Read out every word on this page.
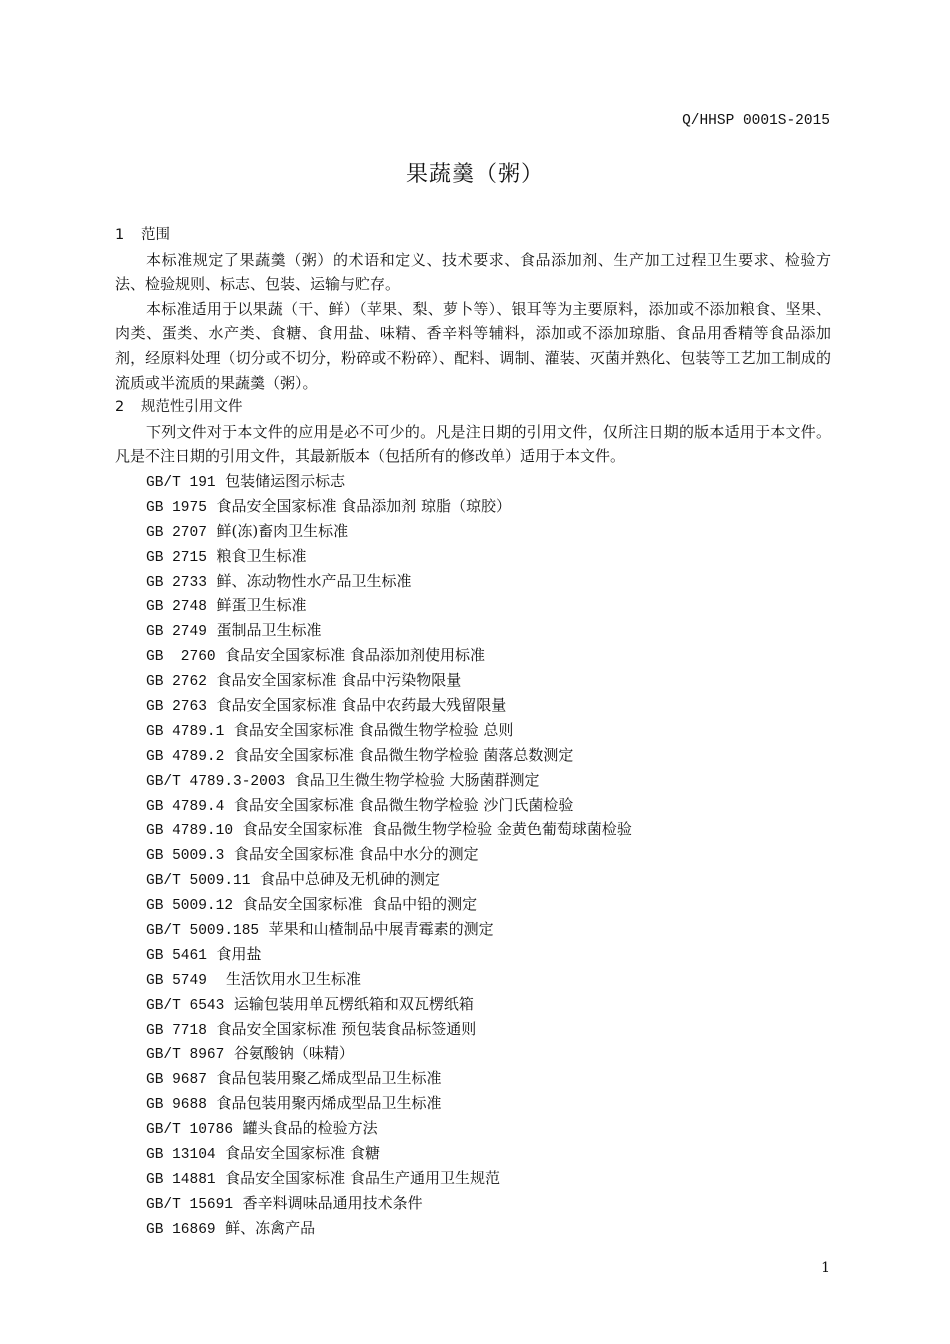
Q/HHSP 0001S-2015
果蔬羹（粥）
1 范围
本标准规定了果蔬羹（粥）的术语和定义、技术要求、食品添加剂、生产加工过程卫生要求、检验方法、检验规则、标志、包装、运输与贮存。
本标准适用于以果蔬（干、鲜）（苹果、梨、萝卜等）、银耳等为主要原料，添加或不添加粮食、坚果、肉类、蛋类、水产类、食糖、食用盐、味精、香辛料等辅料，添加或不添加琼脂、食品用香精等食品添加剂，经原料处理（切分或不切分，粉碎或不粉碎）、配料、调制、灌装、灭菌并熟化、包装等工艺加工制成的流质或半流质的果蔬羹（粥）。
2 规范性引用文件
下列文件对于本文件的应用是必不可少的。凡是注日期的引用文件，仅所注日期的版本适用于本文件。凡是不注日期的引用文件，其最新版本（包括所有的修改单）适用于本文件。
GB/T 191 包装储运图示标志
GB 1975 食品安全国家标准 食品添加剂 琼脂（琼胶）
GB 2707 鲜(冻)畜肉卫生标准
GB 2715 粮食卫生标准
GB 2733 鲜、冻动物性水产品卫生标准
GB 2748 鲜蛋卫生标准
GB 2749 蛋制品卫生标准
GB  2760 食品安全国家标准 食品添加剂使用标准
GB 2762 食品安全国家标准 食品中污染物限量
GB 2763 食品安全国家标准 食品中农药最大残留限量
GB 4789.1 食品安全国家标准 食品微生物学检验 总则
GB 4789.2 食品安全国家标准 食品微生物学检验 菌落总数测定
GB/T 4789.3-2003 食品卫生微生物学检验 大肠菌群测定
GB 4789.4 食品安全国家标准 食品微生物学检验 沙门氏菌检验
GB 4789.10 食品安全国家标准  食品微生物学检验 金黄色葡萄球菌检验
GB 5009.3 食品安全国家标准 食品中水分的测定
GB/T 5009.11 食品中总砷及无机砷的测定
GB 5009.12 食品安全国家标准  食品中铅的测定
GB/T 5009.185 苹果和山楂制品中展青霉素的测定
GB 5461 食用盐
GB 5749    生活饮用水卫生标准
GB/T 6543 运输包装用单瓦楞纸箱和双瓦楞纸箱
GB 7718 食品安全国家标准 预包装食品标签通则
GB/T 8967 谷氨酸钠（味精）
GB 9687 食品包装用聚乙烯成型品卫生标准
GB 9688 食品包装用聚丙烯成型品卫生标准
GB/T 10786 罐头食品的检验方法
GB 13104 食品安全国家标准 食糖
GB 14881 食品安全国家标准 食品生产通用卫生规范
GB/T 15691 香辛料调味品通用技术条件
GB 16869 鲜、冻禽产品
1
